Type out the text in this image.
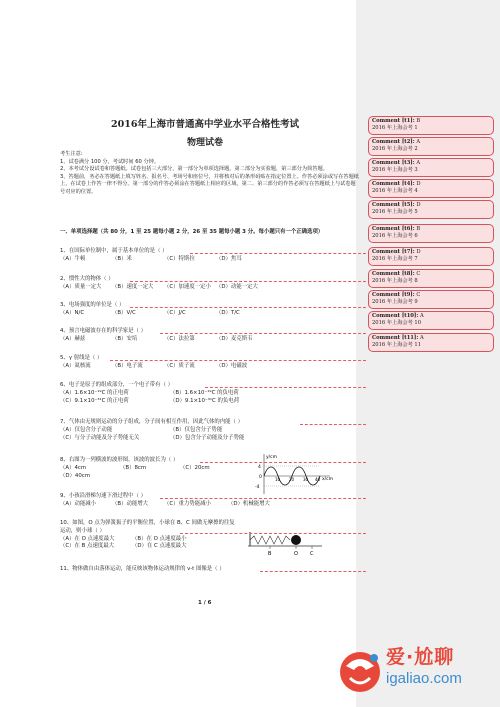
2016年上海市普通高中学业水平合格性考试
物理试卷
考生注意:
1、试卷满分 100 分，考试时间 60 分钟。
2、本考试分设试卷和答题纸。试卷包括三大部分，第一部分为单项选择题，第二部分为实验题，第三部分为简答题。
3、答题前，务必在答题纸上填写姓名、报名号、考场号和座位号，并将核对后的条形码贴在指定位置上。作答必须涂或写在答题纸上，在试卷上作答一律不得分。第一部分的作答必须涂在答题纸上相应的区域，第二、第三部分的作答必须写在答题纸上与试卷题号对应的位置。
一、单项选择题（共 80 分，1 至 25 题每小题 2 分，26 至 35 题每小题 3 分。每小题只有一个正确选项）
1、在国际单位制中，属于基本单位的是（ ）
（A）牛顿	（B）米	（C）特斯拉	（D）焦耳
2、惯性大的物体（ ）
（A）质量一定大	（B）速度一定大	（C）加速度一定小 （D）动能一定大
3、电场强度的单位是（ ）
（A）N/C	（B）V/C	（C）J/C	（D）T/C
4、预言电磁波存在的科学家是（ ）
（A）赫兹	（B）安培	（C）法拉第	（D）麦克斯韦
5、γ 射线是（ ）
（A）氦核流	（B）电子流	（C）质子流	（D）电磁波
6、电子是原子的组成部分，一个电子带有（ ）
（A）1.6×10⁻¹⁹C 的正电荷	（B）1.6×10⁻¹⁹C 的负电荷
（C）9.1×10⁻³¹C 的正电荷	（D）9.1×10⁻³¹C 的负电荷
7、气体由无规则运动的分子组成，分子间有相互作用，因此气体的内能（ ）
（A）仅包含分子动能	（B）仅包含分子势能
（C）与分子动能及分子势能无关	（D）包含分子动能及分子势能
8、右图为一列横波的波形图，该波的波长为（ ）
（A）4cm	（B）8cm	（C）20cm
（D）40cm
9、小孩沿滑梯匀速下滑过程中（ ）
（A）动能减小	（B）动能增大	（C）重力势能减小	（D）机械能增大
10、如图，O 点为弹簧振子的平衡位置，小球在 B、C 间做无摩擦的往复运动，则小球（ ）
（A）在 O 点速度最大	（B）在 O 点速度最小
（C）在 B 点速度最大	（D）在 C 点速度最大
11、物体做自由落体运动，能反映该物体运动规律的 v-t 图像是（ ）
y/cm
x/cm
4
0
-4
10 20 30 40
B	O C
1 / 6
Comment [t1]: B
2016 年上海会考 1
Comment [t2]: A
2016 年上海会考 2
Comment [t3]: A
2016 年上海会考 3
Comment [t4]: D
2016 年上海会考 4
Comment [t5]: D
2016 年上海会考 5
Comment [t6]: B
2016 年上海会考 6
Comment [t7]: D
2016 年上海会考 7
Comment [t8]: C
2016 年上海会考 8
Comment [t9]: C
2016 年上海会考 9
Comment [t10]: A
2016 年上海会考 10
Comment [t11]: A
2016 年上海会考 11
爱·尬聊
igaliao.com
